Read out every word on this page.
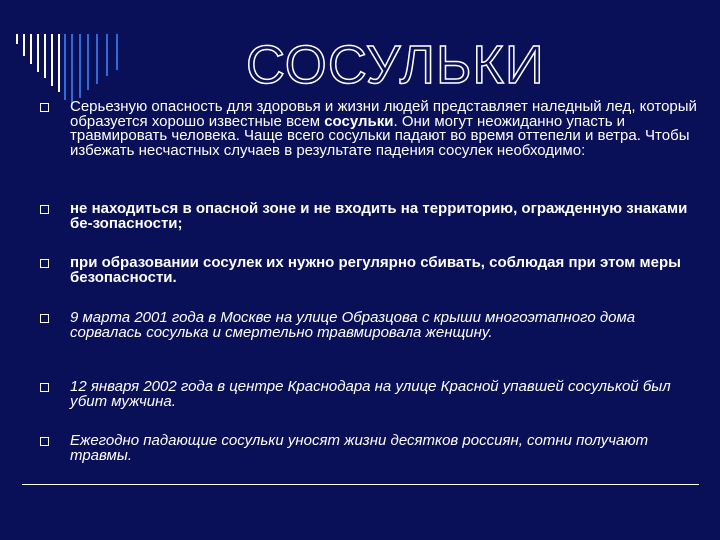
СОСУЛЬКИ
Серьезную опасность для здоровья и жизни людей представляет наледный лед, который образуется хорошо известные всем сосульки. Они могут неожиданно упасть и травмировать человека. Чаще всего сосульки падают во время оттепели и ветра. Чтобы избежать несчастных случаев в результате падения сосулек необходимо:
не находиться в опасной зоне и не входить на территорию, огражденную знаками бе-зопасности;
при образовании сосулек их нужно регулярно сбивать, соблюдая при этом меры безопасности.
9 марта 2001 года в Москве на улице Образцова с крыши многоэтапного дома сорвалась сосулька и смертельно травмировала женщину.
12 января 2002 года в центре Краснодара на улице Красной упавшей сосулькой был убит мужчина.
Ежегодно падающие сосульки уносят жизни десятков россиян, сотни получают травмы.
